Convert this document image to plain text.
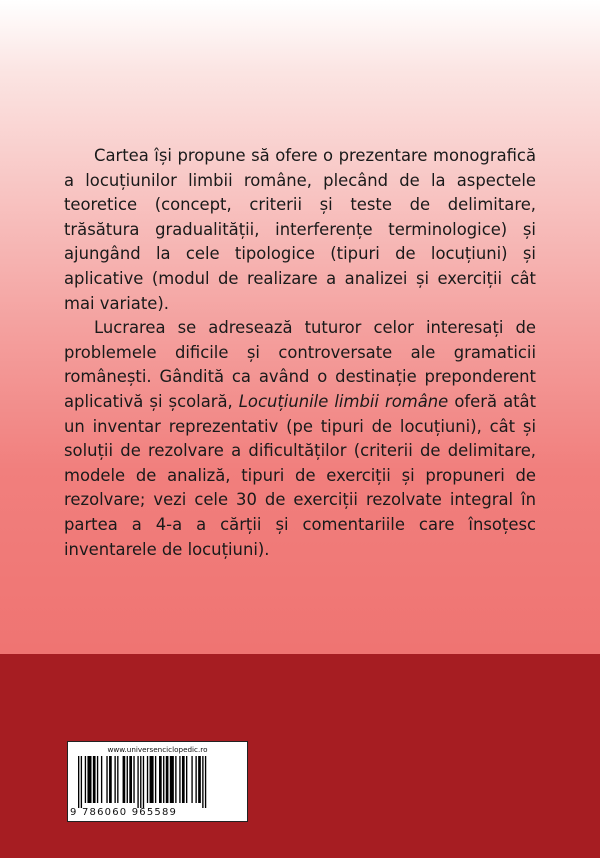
Cartea își propune să ofere o prezentare monografică a locuțiunilor limbii române, plecând de la aspectele teoretice (concept, criterii și teste de delimitare, trăsătura gradualității, interferențe terminologice) și ajungând la cele tipologice (tipuri de locuțiuni) și aplicative (modul de realizare a analizei și exerciții cât mai variate).

Lucrarea se adresează tuturor celor interesați de problemele dificile și controversate ale gramaticii românești. Gândită ca având o destinație preponderent aplicativă și școlară, Locuțiunile limbii române oferă atât un inventar reprezentativ (pe tipuri de locuțiuni), cât și soluții de rezolvare a dificultăților (criterii de delimitare, modele de analiză, tipuri de exerciții și propuneri de rezolvare; vezi cele 30 de exerciții rezolvate integral în partea a 4-a a cărții și comentariile care însoțesc inventarele de locuțiuni).

www.universenciclopedic.ro
9 786060 965589
